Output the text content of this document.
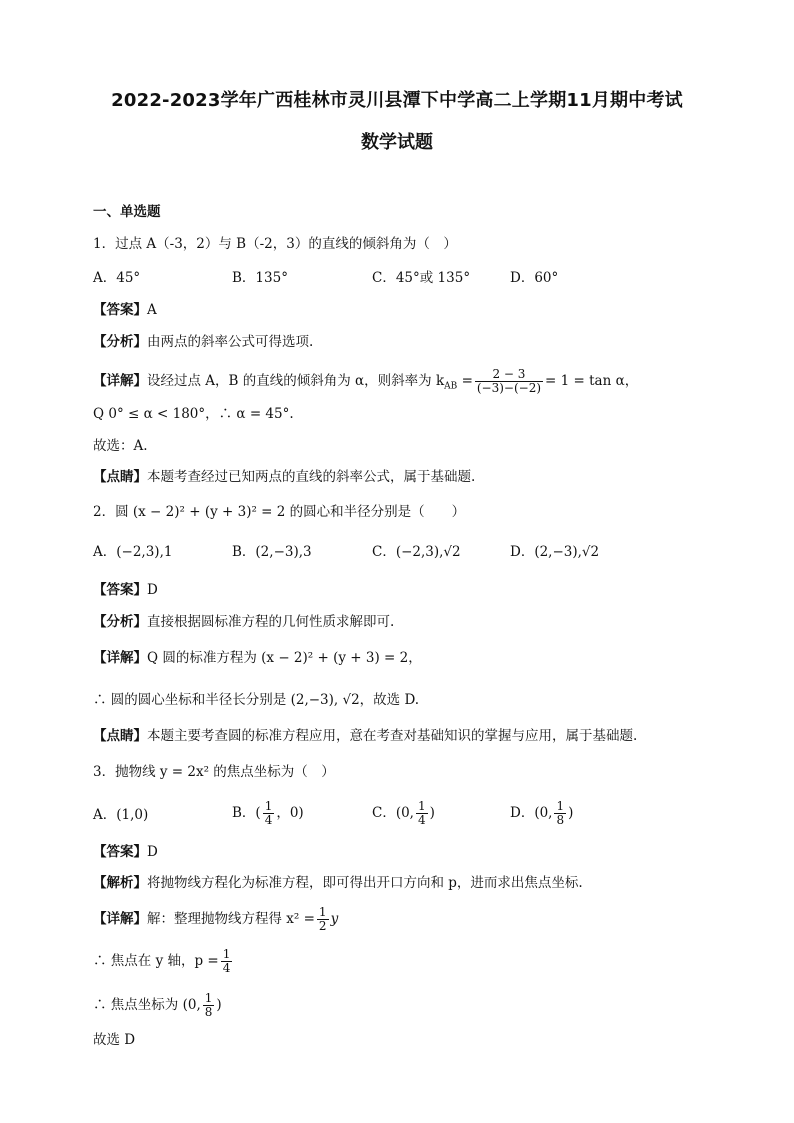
2022-2023学年广西桂林市灵川县潭下中学高二上学期11月期中考试
数学试题
一、单选题
1．过点 A（-3，2）与 B（-2，3）的直线的倾斜角为（　）
A．45°	B．135°	C．45°或 135°	D．60°
【答案】A
【分析】由两点的斜率公式可得选项.
【详解】设经过点 A，B 的直线的倾斜角为 α，则斜率为 $k_{AB} = \frac{2 - 3}{(-3)-(-2)} = 1 = \tan \alpha$，
Q 0° ≤ α < 180°，∴ α = 45°.
故选：A.
【点睛】本题考查经过已知两点的直线的斜率公式，属于基础题.
2．圆 (x − 2)² + (y + 3)² = 2 的圆心和半径分别是（　　）
A．(−2,3),1	B．(2,−3),3	C．(−2,3),√2	D．(2,−3),√2
【答案】D
【分析】直接根据圆标准方程的几何性质求解即可.
【详解】Q 圆的标准方程为 (x − 2)² + (y + 3) = 2，
∴ 圆的圆心坐标和半径长分别是 (2,−3), √2，故选 D.
【点睛】本题主要考查圆的标准方程应用，意在考查对基础知识的掌握与应用，属于基础题.
3．抛物线 y = 2x² 的焦点坐标为（　）
A．(1,0)	B．( $\frac{1}{4}$ ，0)	C．(0, $\frac{1}{4}$ )	D．(0, $\frac{1}{8}$ )
【答案】D
【解析】将抛物线方程化为标准方程，即可得出开口方向和 p，进而求出焦点坐标.
【详解】解：整理抛物线方程得 $x^2 = \frac{1}{2}$ y
∴ 焦点在 y 轴，$p = \frac{1}{4}$
∴ 焦点坐标为 (0, $\frac{1}{8}$ )
故选 D
